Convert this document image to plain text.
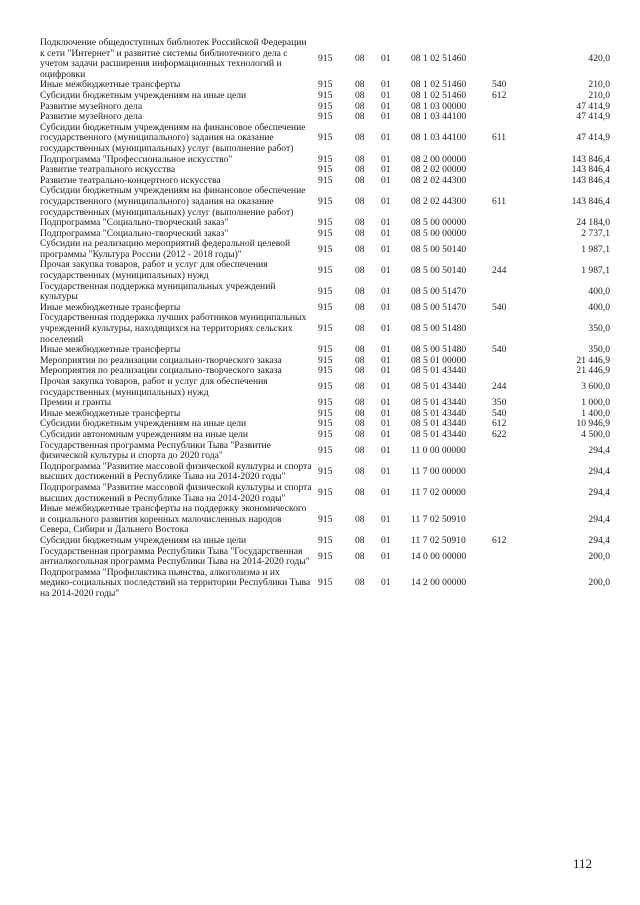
Подключение общедоступных библиотек Российской Федерации к сети "Интернет" и развитие системы библиотечного дела с учетом задачи расширения информационных технологий и оцифровки	915	08	01	08 1 02 51460		420,0
Иные межбюджетные трансферты	915	08	01	08 1 02 51460	540	210,0
Субсидии бюджетным учреждениям на иные цели	915	08	01	08 1 02 51460	612	210,0
Развитие музейного дела	915	08	01	08 1 03 00000		47 414,9
Развитие музейного дела	915	08	01	08 1 03 44100		47 414,9
Субсидии бюджетным учреждениям на финансовое обеспечение государственного (муниципального) задания на оказание государственных (муниципальных) услуг (выполнение работ)	915	08	01	08 1 03 44100	611	47 414,9
Подпрограмма "Профессиональное искусство"	915	08	01	08 2 00 00000		143 846,4
Развитие театрального искусства	915	08	01	08 2 02 00000		143 846,4
Развитие театрально-концертного искусства	915	08	01	08 2 02 44300		143 846,4
Субсидии бюджетным учреждениям на финансовое обеспечение государственного (муниципального) задания на оказание государственных (муниципальных) услуг (выполнение работ)	915	08	01	08 2 02 44300	611	143 846,4
Подпрограмма "Социально-творческий заказ"	915	08	01	08 5 00 00000		24 184,0
Подпрограмма "Социально-творческий заказ"	915	08	01	08 5 00 00000		2 737,1
Субсидии на реализацию мероприятий федеральной целевой программы "Культура России (2012 - 2018 годы)"	915	08	01	08 5 00 50140		1 987,1
Прочая закупка товаров, работ и услуг для обеспечения государственных (муниципальных) нужд	915	08	01	08 5 00 50140	244	1 987,1
Государственная поддержка муниципальных учреждений культуры	915	08	01	08 5 00 51470		400,0
Иные межбюджетные трансферты	915	08	01	08 5 00 51470	540	400,0
Государственная поддержка лучших работников муниципальных учреждений культуры, находящихся на территориях сельских поселений	915	08	01	08 5 00 51480		350,0
Иные межбюджетные трансферты	915	08	01	08 5 00 51480	540	350,0
Мероприятия по реализации социально-творческого заказа	915	08	01	08 5 01 00000		21 446,9
Мероприятия по реализации социально-творческого заказа	915	08	01	08 5 01 43440		21 446,9
Прочая закупка товаров, работ и услуг для обеспечения государственных (муниципальных) нужд	915	08	01	08 5 01 43440	244	3 600,0
Премии и гранты	915	08	01	08 5 01 43440	350	1 000,0
Иные межбюджетные трансферты	915	08	01	08 5 01 43440	540	1 400,0
Субсидии бюджетным учреждениям на иные цели	915	08	01	08 5 01 43440	612	10 946,9
Субсидии автономным учреждениям на иные цели	915	08	01	08 5 01 43440	622	4 500,0
Государственная программа Республики Тыва "Развитие физической культуры и спорта до 2020 года"	915	08	01	11 0 00 00000		294,4
Подпрограмма "Развитие массовой физической культуры и спорта высших достижений в Республике Тыва на 2014-2020 годы"	915	08	01	11 7 00 00000		294,4
Подпрограмма "Развитие массовой физической культуры и спорта высших достижений в Республике Тыва на 2014-2020 годы"	915	08	01	11 7 02 00000		294,4
Иные межбюджетные трансферты на поддержку экономического и социального развития коренных малочисленных народов Севера, Сибири и Дальнего Востока	915	08	01	11 7 02 50910		294,4
Субсидии бюджетным учреждениям на иные цели	915	08	01	11 7 02 50910	612	294,4
Государственная программа Республики Тыва "Государственная антиалкогольная программа Республики Тыва на 2014-2020 годы"	915	08	01	14 0 00 00000		200,0
Подпрограмма "Профилактика пьянства, алкоголизма и их медико-социальных последствий на территории Республики Тыва на 2014-2020 годы"	915	08	01	14 2 00 00000		200,0
112
